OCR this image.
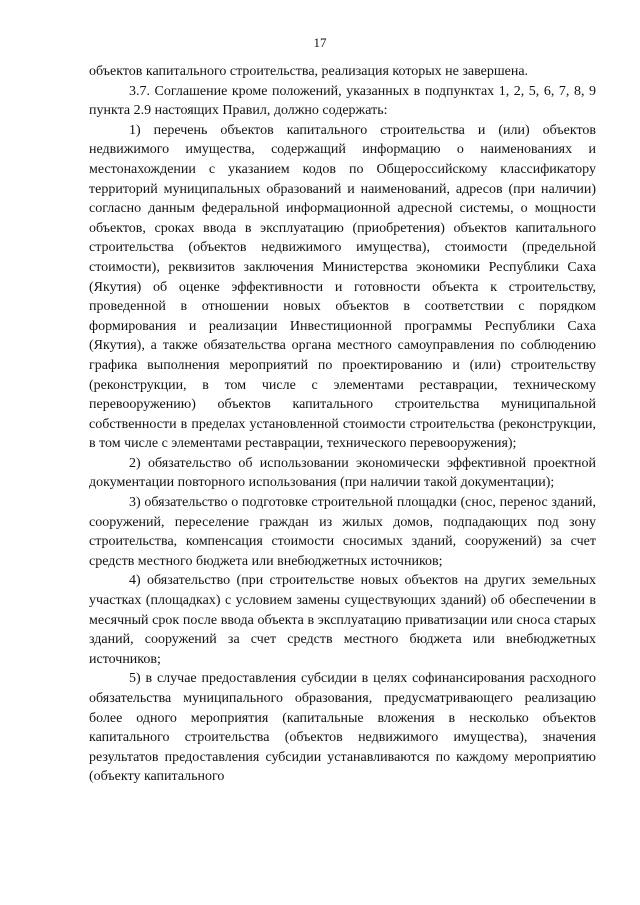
17

объектов капитального строительства, реализация которых не завершена.

3.7. Соглашение кроме положений, указанных в подпунктах 1, 2, 5, 6, 7, 8, 9 пункта 2.9 настоящих Правил, должно содержать:

1) перечень объектов капитального строительства и (или) объектов недвижимого имущества, содержащий информацию о наименованиях и местонахождении с указанием кодов по Общероссийскому классификатору территорий муниципальных образований и наименований, адресов (при наличии) согласно данным федеральной информационной адресной системы, о мощности объектов, сроках ввода в эксплуатацию (приобретения) объектов капитального строительства (объектов недвижимого имущества), стоимости (предельной стоимости), реквизитов заключения Министерства экономики Республики Саха (Якутия) об оценке эффективности и готовности объекта к строительству, проведенной в отношении новых объектов в соответствии с порядком формирования и реализации Инвестиционной программы Республики Саха (Якутия), а также обязательства органа местного самоуправления по соблюдению графика выполнения мероприятий по проектированию и (или) строительству (реконструкции, в том числе с элементами реставрации, техническому перевооружению) объектов капитального строительства муниципальной собственности в пределах установленной стоимости строительства (реконструкции, в том числе с элементами реставрации, технического перевооружения);

2) обязательство об использовании экономически эффективной проектной документации повторного использования (при наличии такой документации);

3) обязательство о подготовке строительной площадки (снос, перенос зданий, сооружений, переселение граждан из жилых домов, подпадающих под зону строительства, компенсация стоимости сносимых зданий, сооружений) за счет средств местного бюджета или внебюджетных источников;

4) обязательство (при строительстве новых объектов на других земельных участках (площадках) с условием замены существующих зданий) об обеспечении в месячный срок после ввода объекта в эксплуатацию приватизации или сноса старых зданий, сооружений за счет средств местного бюджета или внебюджетных источников;

5) в случае предоставления субсидии в целях софинансирования расходного обязательства муниципального образования, предусматривающего реализацию более одного мероприятия (капитальные вложения в несколько объектов капитального строительства (объектов недвижимого имущества), значения результатов предоставления субсидии устанавливаются по каждому мероприятию (объекту капитального
